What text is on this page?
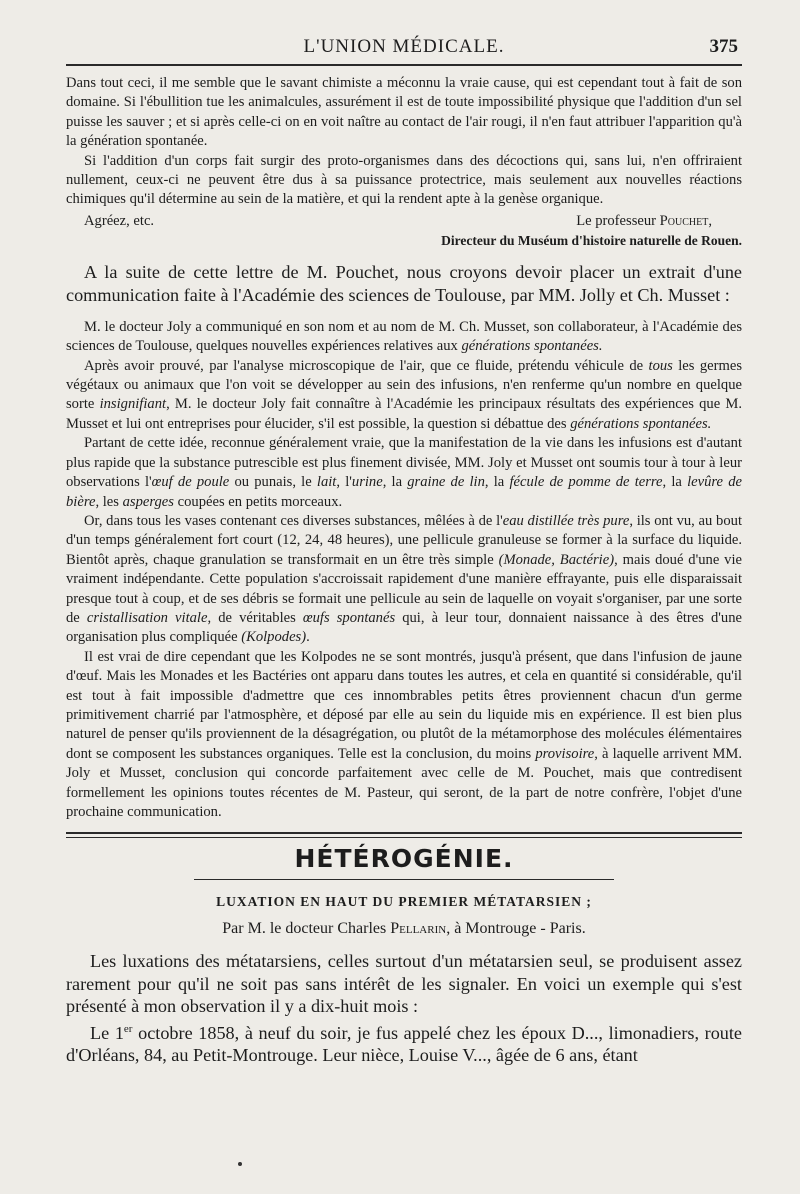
L'UNION MÉDICALE.	375

Dans tout ceci, il me semble que le savant chimiste a méconnu la vraie cause, qui est cependant tout à fait de son domaine. Si l'ébullition tue les animalcules, assurément il est de toute impossibilité physique que l'addition d'un sel puisse les sauver ; et si après celle-ci on en voit naître au contact de l'air rougi, il n'en faut attribuer l'apparition qu'à la génération spontanée.

Si l'addition d'un corps fait surgir des proto-organismes dans des décoctions qui, sans lui, n'en offriraient nullement, ceux-ci ne peuvent être dus à sa puissance protectrice, mais seulement aux nouvelles réactions chimiques qu'il détermine au sein de la matière, et qui la rendent apte à la genèse organique.

Agréez, etc.	Le professeur Pouchet,
Directeur du Muséum d'histoire naturelle de Rouen.

A la suite de cette lettre de M. Pouchet, nous croyons devoir placer un extrait d'une communication faite à l'Académie des sciences de Toulouse, par MM. Jolly et Ch. Musset :

M. le docteur Joly a communiqué en son nom et au nom de M. Ch. Musset, son collaborateur, à l'Académie des sciences de Toulouse, quelques nouvelles expériences relatives aux générations spontanées.

Après avoir prouvé, par l'analyse microscopique de l'air, que ce fluide, prétendu véhicule de tous les germes végétaux ou animaux que l'on voit se développer au sein des infusions, n'en renferme qu'un nombre en quelque sorte insignifiant, M. le docteur Joly fait connaître à l'Académie les principaux résultats des expériences que M. Musset et lui ont entreprises pour élucider, s'il est possible, la question si débattue des générations spontanées.

Partant de cette idée, reconnue généralement vraie, que la manifestation de la vie dans les infusions est d'autant plus rapide que la substance putrescible est plus finement divisée, MM. Joly et Musset ont soumis tour à tour à leur observations l'œuf de poule ou punais, le lait, l'urine, la graine de lin, la fécule de pomme de terre, la levûre de bière, les asperges coupées en petits morceaux.

Or, dans tous les vases contenant ces diverses substances, mêlées à de l'eau distillée très pure, ils ont vu, au bout d'un temps généralement fort court (12, 24, 48 heures), une pellicule granuleuse se former à la surface du liquide. Bientôt après, chaque granulation se transformait en un être très simple (Monade, Bactérie), mais doué d'une vie vraiment indépendante. Cette population s'accroissait rapidement d'une manière effrayante, puis elle disparaissait presque tout à coup, et de ses débris se formait une pellicule au sein de laquelle on voyait s'organiser, par une sorte de cristallisation vitale, de véritables œufs spontanés qui, à leur tour, donnaient naissance à des êtres d'une organisation plus compliquée (Kolpodes).

Il est vrai de dire cependant que les Kolpodes ne se sont montrés, jusqu'à présent, que dans l'infusion de jaune d'œuf. Mais les Monades et les Bactéries ont apparu dans toutes les autres, et cela en quantité si considérable, qu'il est tout à fait impossible d'admettre que ces innombrables petits êtres proviennent chacun d'un germe primitivement charrié par l'atmosphère, et déposé par elle au sein du liquide mis en expérience. Il est bien plus naturel de penser qu'ils proviennent de la désagrégation, ou plutôt de la métamorphose des molécules élémentaires dont se composent les substances organiques. Telle est la conclusion, du moins provisoire, à laquelle arrivent MM. Joly et Musset, conclusion qui concorde parfaitement avec celle de M. Pouchet, mais que contredisent formellement les opinions toutes récentes de M. Pasteur, qui seront, de la part de notre confrère, l'objet d'une prochaine communication.

HÉTÉROGÉNIE.
LUXATION EN HAUT DU PREMIER MÉTATARSIEN ;
Par M. le docteur Charles Pellarin, à Montrouge - Paris.

Les luxations des métatarsiens, celles surtout d'un métatarsien seul, se produisent assez rarement pour qu'il ne soit pas sans intérêt de les signaler. En voici un exemple qui s'est présenté à mon observation il y a dix-huit mois :

Le 1er octobre 1858, à neuf du soir, je fus appelé chez les époux D..., limonadiers, route d'Orléans, 84, au Petit-Montrouge. Leur nièce, Louise V..., âgée de 6 ans, étant
